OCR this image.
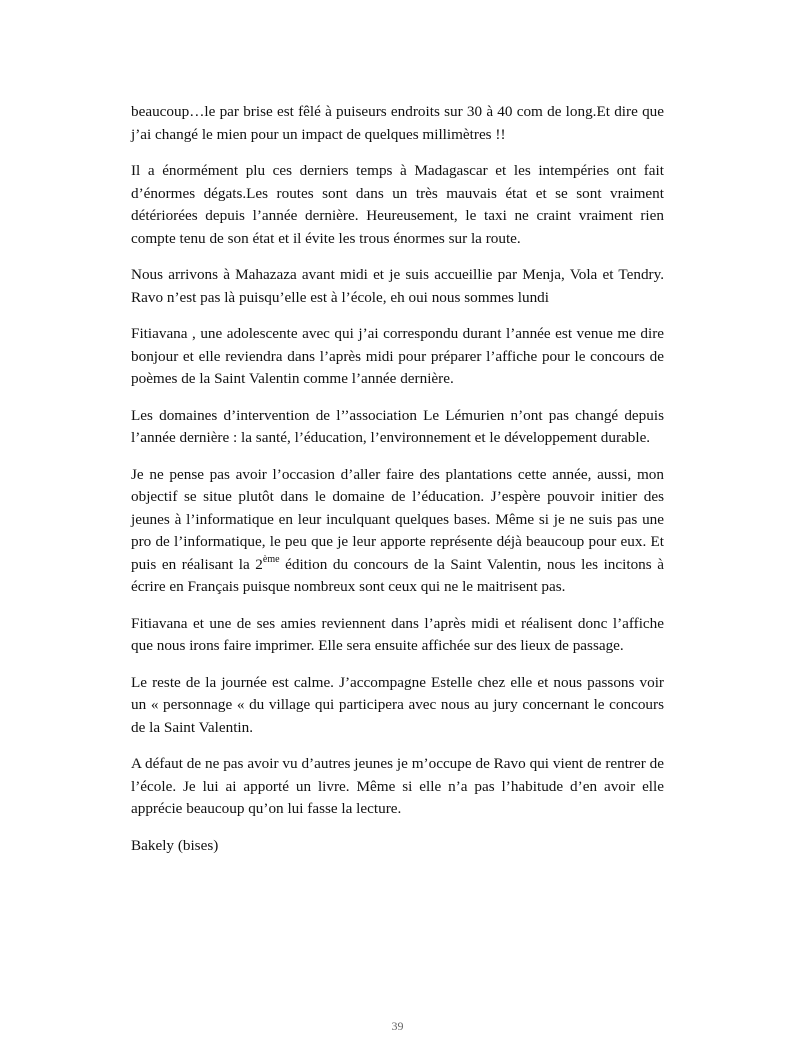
beaucoup…le par brise est fêlé à puiseurs endroits sur 30 à 40 com de long.Et dire que j’ai changé le mien pour un impact de quelques millimètres !!

Il a énormément plu ces derniers temps à Madagascar et les intempéries ont fait d’énormes dégats.Les routes sont dans un très mauvais état et se sont vraiment détériorées depuis l’année dernière. Heureusement, le taxi ne craint vraiment rien compte tenu de son état et il évite les trous énormes sur la route.

Nous arrivons à Mahazaza avant midi et je suis accueillie par Menja, Vola et Tendry. Ravo n’est pas là puisqu’elle est à l’école, eh oui nous sommes lundi

Fitiavana , une adolescente avec qui j’ai correspondu durant l’année est venue me dire bonjour et elle reviendra dans l’après midi pour préparer l’affiche pour le concours de poèmes de la Saint Valentin comme l’année dernière.

Les domaines d’intervention de l’’association Le Lémurien n’ont pas changé depuis l’année dernière : la santé, l’éducation, l’environnement et le développement durable.

Je ne pense pas avoir l’occasion d’aller faire des plantations cette année, aussi, mon objectif se situe plutôt dans le domaine de l’éducation. J’espère pouvoir initier des jeunes à l’informatique en leur inculquant quelques bases. Même si je ne suis pas une pro de l’informatique, le peu que je leur apporte représente déjà beaucoup pour eux. Et puis en réalisant la 2ème édition du concours de la Saint Valentin, nous les incitons à écrire en Français puisque nombreux sont ceux qui ne le maitrisent pas.

Fitiavana et une de ses amies reviennent dans l’après midi et réalisent donc l’affiche que nous irons faire imprimer. Elle sera ensuite affichée sur des lieux de passage.

Le reste de la journée est calme. J’accompagne Estelle chez elle et nous passons voir un « personnage « du village qui participera avec nous au jury concernant le concours de la Saint Valentin.

A défaut de ne pas avoir vu d’autres jeunes je m’occupe de Ravo qui vient de rentrer de l’école. Je lui ai apporté un livre. Même si elle n’a pas l’habitude d’en avoir elle apprécie beaucoup qu’on lui fasse la lecture.

Bakely (bises)

39
